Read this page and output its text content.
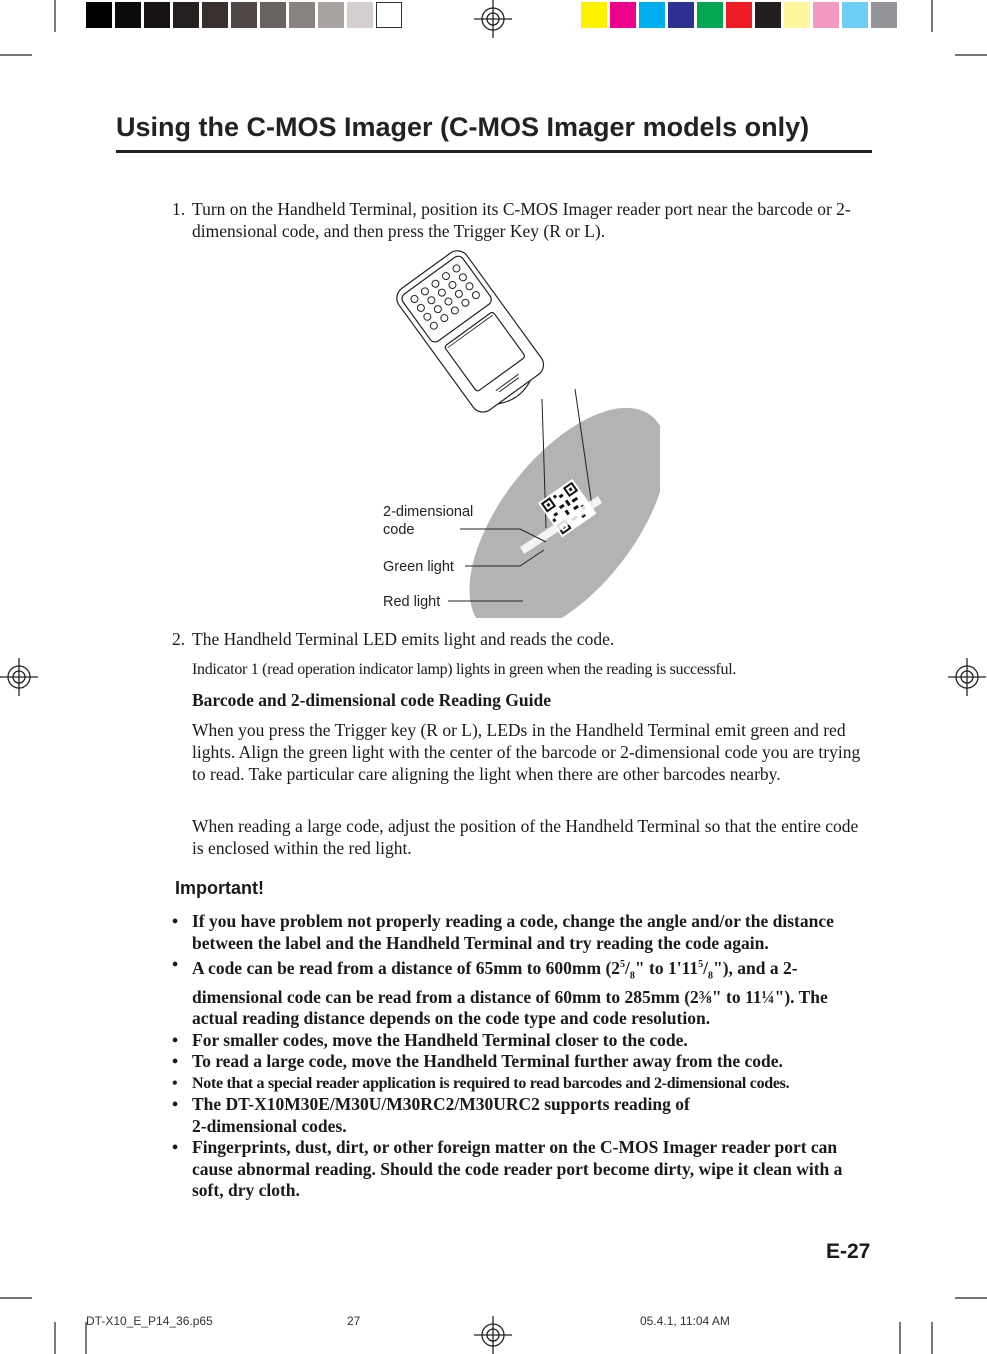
Using the C-MOS Imager (C-MOS Imager models only)
1. Turn on the Handheld Terminal, position its C-MOS Imager reader port near the barcode or 2-dimensional code, and then press the Trigger Key (R or L).
2-dimensional
code
Green light
Red light
2. The Handheld Terminal LED emits light and reads the code.
Indicator 1 (read operation indicator lamp) lights in green when the reading is successful.
Barcode and 2-dimensional code Reading Guide
When you press the Trigger key (R or L), LEDs in the Handheld Terminal emit green and red lights. Align the green light with the center of the barcode or 2-dimensional code you are trying to read. Take particular care aligning the light when there are other barcodes nearby.
When reading a large code, adjust the position of the Handheld Terminal so that the entire code is enclosed within the red light.
Important!
• If you have problem not properly reading a code, change the angle and/or the distance between the label and the Handheld Terminal and try reading the code again.
• A code can be read from a distance of 65mm to 600mm ($2^5/_8$" to $1'11^5/_8$"), and a 2-dimensional code can be read from a distance of 60mm to 285mm (2⅜" to 11¼"). The actual reading distance depends on the code type and code resolution.
• For smaller codes, move the Handheld Terminal closer to the code.
• To read a large code, move the Handheld Terminal further away from the code.
• Note that a special reader application is required to read barcodes and 2-dimensional codes.
• The DT-X10M30E/M30U/M30RC2/M30URC2 supports reading of
2-dimensional codes.
• Fingerprints, dust, dirt, or other foreign matter on the C-MOS Imager reader port can cause abnormal reading. Should the code reader port become dirty, wipe it clean with a soft, dry cloth.
E-27
DT-X10_E_P14_36.p65	27	05.4.1, 11:04 AM
